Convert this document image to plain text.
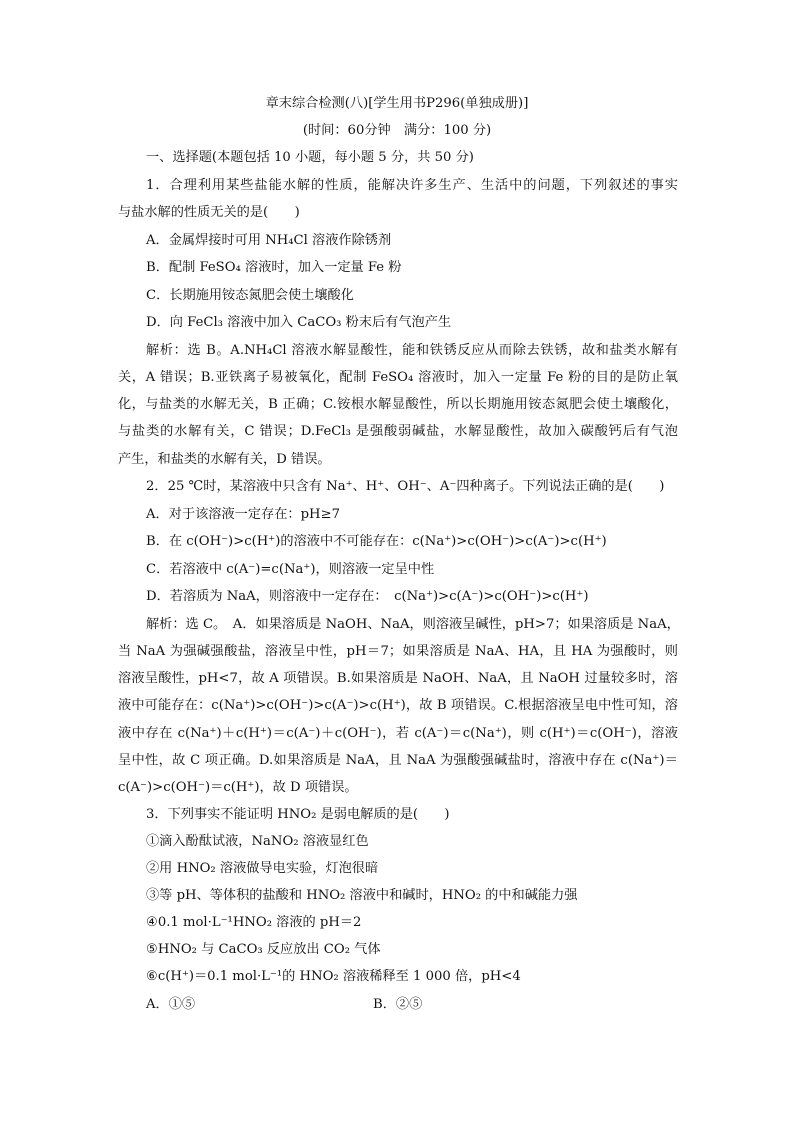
章末综合检测(八)[学生用书P296(单独成册)]
(时间：60分钟　满分：100 分)
一、选择题(本题包括 10 小题，每小题 5 分，共 50 分)
1．合理利用某些盐能水解的性质，能解决许多生产、生活中的问题，下列叙述的事实
与盐水解的性质无关的是(　　)
A．金属焊接时可用 NH₄Cl 溶液作除锈剂
B．配制 FeSO₄ 溶液时，加入一定量 Fe 粉
C．长期施用铵态氮肥会使土壤酸化
D．向 FeCl₃ 溶液中加入 CaCO₃ 粉末后有气泡产生
解析：选 B。A.NH₄Cl 溶液水解显酸性，能和铁锈反应从而除去铁锈，故和盐类水解有
关，A 错误；B.亚铁离子易被氧化，配制 FeSO₄ 溶液时，加入一定量 Fe 粉的目的是防止氧
化，与盐类的水解无关，B 正确；C.铵根水解显酸性，所以长期施用铵态氮肥会使土壤酸化，
与盐类的水解有关，C 错误；D.FeCl₃ 是强酸弱碱盐，水解显酸性，故加入碳酸钙后有气泡
产生，和盐类的水解有关，D 错误。
2．25 ℃时，某溶液中只含有 Na⁺、H⁺、OH⁻、A⁻四种离子。下列说法正确的是(　　)
A．对于该溶液一定存在：pH≥7
B．在 c(OH⁻)>c(H⁺)的溶液中不可能存在：c(Na⁺)>c(OH⁻)>c(A⁻)>c(H⁺)
C．若溶液中 c(A⁻)=c(Na⁺)，则溶液一定呈中性
D．若溶质为 NaA，则溶液中一定存在：　c(Na⁺)>c(A⁻)>c(OH⁻)>c(H⁺)
解析：选 C。　A．如果溶质是 NaOH、NaA，则溶液呈碱性，pH>7；如果溶质是 NaA，
当 NaA 为强碱强酸盐，溶液呈中性，pH＝7；如果溶质是 NaA、HA，且 HA 为强酸时，则
溶液呈酸性，pH<7，故 A 项错误。B.如果溶质是 NaOH、NaA，且 NaOH 过量较多时，溶
液中可能存在：c(Na⁺)>c(OH⁻)>c(A⁻)>c(H⁺)，故 B 项错误。C.根据溶液呈电中性可知，溶
液中存在 c(Na⁺)＋c(H⁺)＝c(A⁻)＋c(OH⁻)，若 c(A⁻)＝c(Na⁺)，则 c(H⁺)＝c(OH⁻)，溶液
呈中性，故 C 项正确。D.如果溶质是 NaA，且 NaA 为强酸强碱盐时，溶液中存在 c(Na⁺)＝
c(A⁻)>c(OH⁻)＝c(H⁺)，故 D 项错误。
3．下列事实不能证明 HNO₂ 是弱电解质的是(　　)
①滴入酚酞试液，NaNO₂ 溶液显红色
②用 HNO₂ 溶液做导电实验，灯泡很暗
③等 pH、等体积的盐酸和 HNO₂ 溶液中和碱时，HNO₂ 的中和碱能力强
④0.1 mol·L⁻¹HNO₂ 溶液的 pH＝2
⑤HNO₂ 与 CaCO₃ 反应放出 CO₂ 气体
⑥c(H⁺)＝0.1 mol·L⁻¹的 HNO₂ 溶液稀释至 1 000 倍，pH<4
A．①⑤	B．②⑤
